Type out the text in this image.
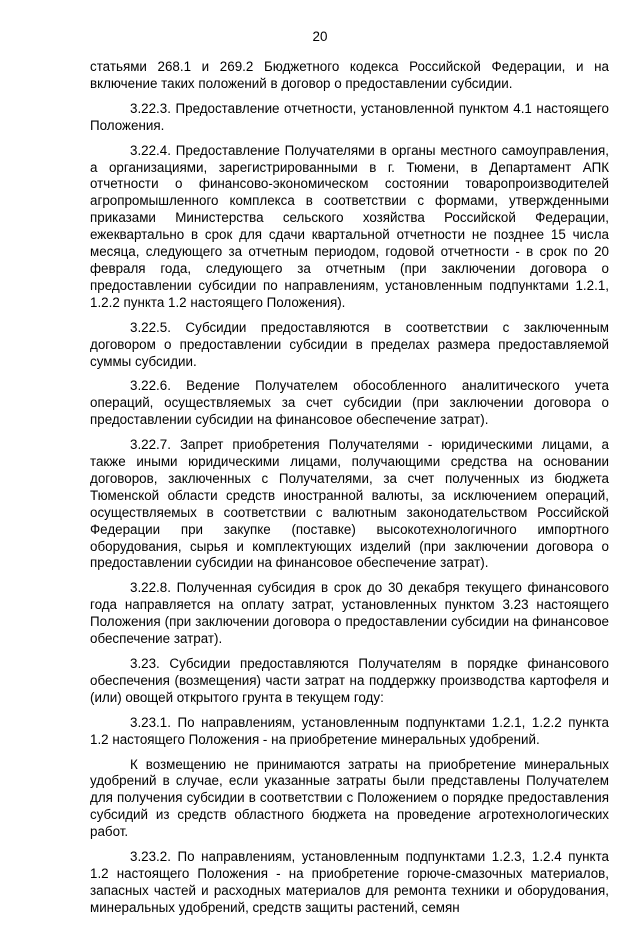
20

статьями 268.1 и 269.2 Бюджетного кодекса Российской Федерации, и на включение таких положений в договор о предоставлении субсидии.

3.22.3. Предоставление отчетности, установленной пунктом 4.1 настоящего Положения.

3.22.4. Предоставление Получателями в органы местного самоуправления, а организациями, зарегистрированными в г. Тюмени, в Департамент АПК отчетности о финансово-экономическом состоянии товаропроизводителей агропромышленного комплекса в соответствии с формами, утвержденными приказами Министерства сельского хозяйства Российской Федерации, ежеквартально в срок для сдачи квартальной отчетности не позднее 15 числа месяца, следующего за отчетным периодом, годовой отчетности - в срок по 20 февраля года, следующего за отчетным (при заключении договора о предоставлении субсидии по направлениям, установленным подпунктами 1.2.1, 1.2.2 пункта 1.2 настоящего Положения).

3.22.5. Субсидии предоставляются в соответствии с заключенным договором о предоставлении субсидии в пределах размера предоставляемой суммы субсидии.

3.22.6. Ведение Получателем обособленного аналитического учета операций, осуществляемых за счет субсидии (при заключении договора о предоставлении субсидии на финансовое обеспечение затрат).

3.22.7. Запрет приобретения Получателями - юридическими лицами, а также иными юридическими лицами, получающими средства на основании договоров, заключенных с Получателями, за счет полученных из бюджета Тюменской области средств иностранной валюты, за исключением операций, осуществляемых в соответствии с валютным законодательством Российской Федерации при закупке (поставке) высокотехнологичного импортного оборудования, сырья и комплектующих изделий (при заключении договора о предоставлении субсидии на финансовое обеспечение затрат).

3.22.8. Полученная субсидия в срок до 30 декабря текущего финансового года направляется на оплату затрат, установленных пунктом 3.23 настоящего Положения (при заключении договора о предоставлении субсидии на финансовое обеспечение затрат).

3.23. Субсидии предоставляются Получателям в порядке финансового обеспечения (возмещения) части затрат на поддержку производства картофеля и (или) овощей открытого грунта в текущем году:

3.23.1. По направлениям, установленным подпунктами 1.2.1, 1.2.2 пункта 1.2 настоящего Положения - на приобретение минеральных удобрений.

К возмещению не принимаются затраты на приобретение минеральных удобрений в случае, если указанные затраты были представлены Получателем для получения субсидии в соответствии с Положением о порядке предоставления субсидий из средств областного бюджета на проведение агротехнологических работ.

3.23.2. По направлениям, установленным подпунктами 1.2.3, 1.2.4 пункта 1.2 настоящего Положения - на приобретение горюче-смазочных материалов, запасных частей и расходных материалов для ремонта техники и оборудования, минеральных удобрений, средств защиты растений, семян
